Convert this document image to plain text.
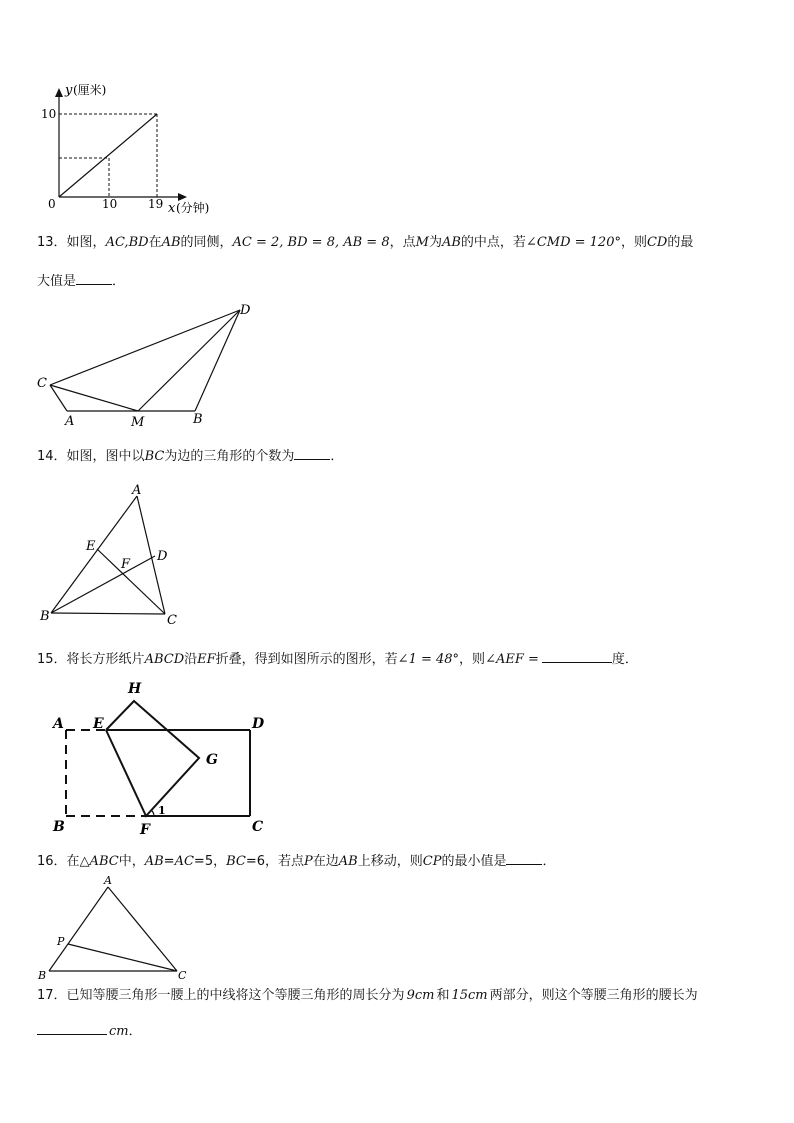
y (厘米)
10
0	10	19 x (分钟)
13．如图，AC,BD在AB的同侧，AC = 2, BD = 8, AB = 8，点M为AB的中点，若∠CMD = 120°，则CD的最
大值是	．
C
A	M	B
D
14．如图，图中以BC为边的三角形的个数为	．
A
E
D
F
B	C
15．将长方形纸片ABCD沿EF折叠，得到如图所示的图形，若∠1 = 48°，则∠AEF =	度．
H
A E	D
G
B	F	C
1
16．在△ABC中，AB=AC=5，BC=6，若点P在边AB上移动，则CP的最小值是	．
A
P
B	C
17．已知等腰三角形一腰上的中线将这个等腰三角形的周长分为 9cm 和 15cm 两部分，则这个等腰三角形的腰长为
cm．
